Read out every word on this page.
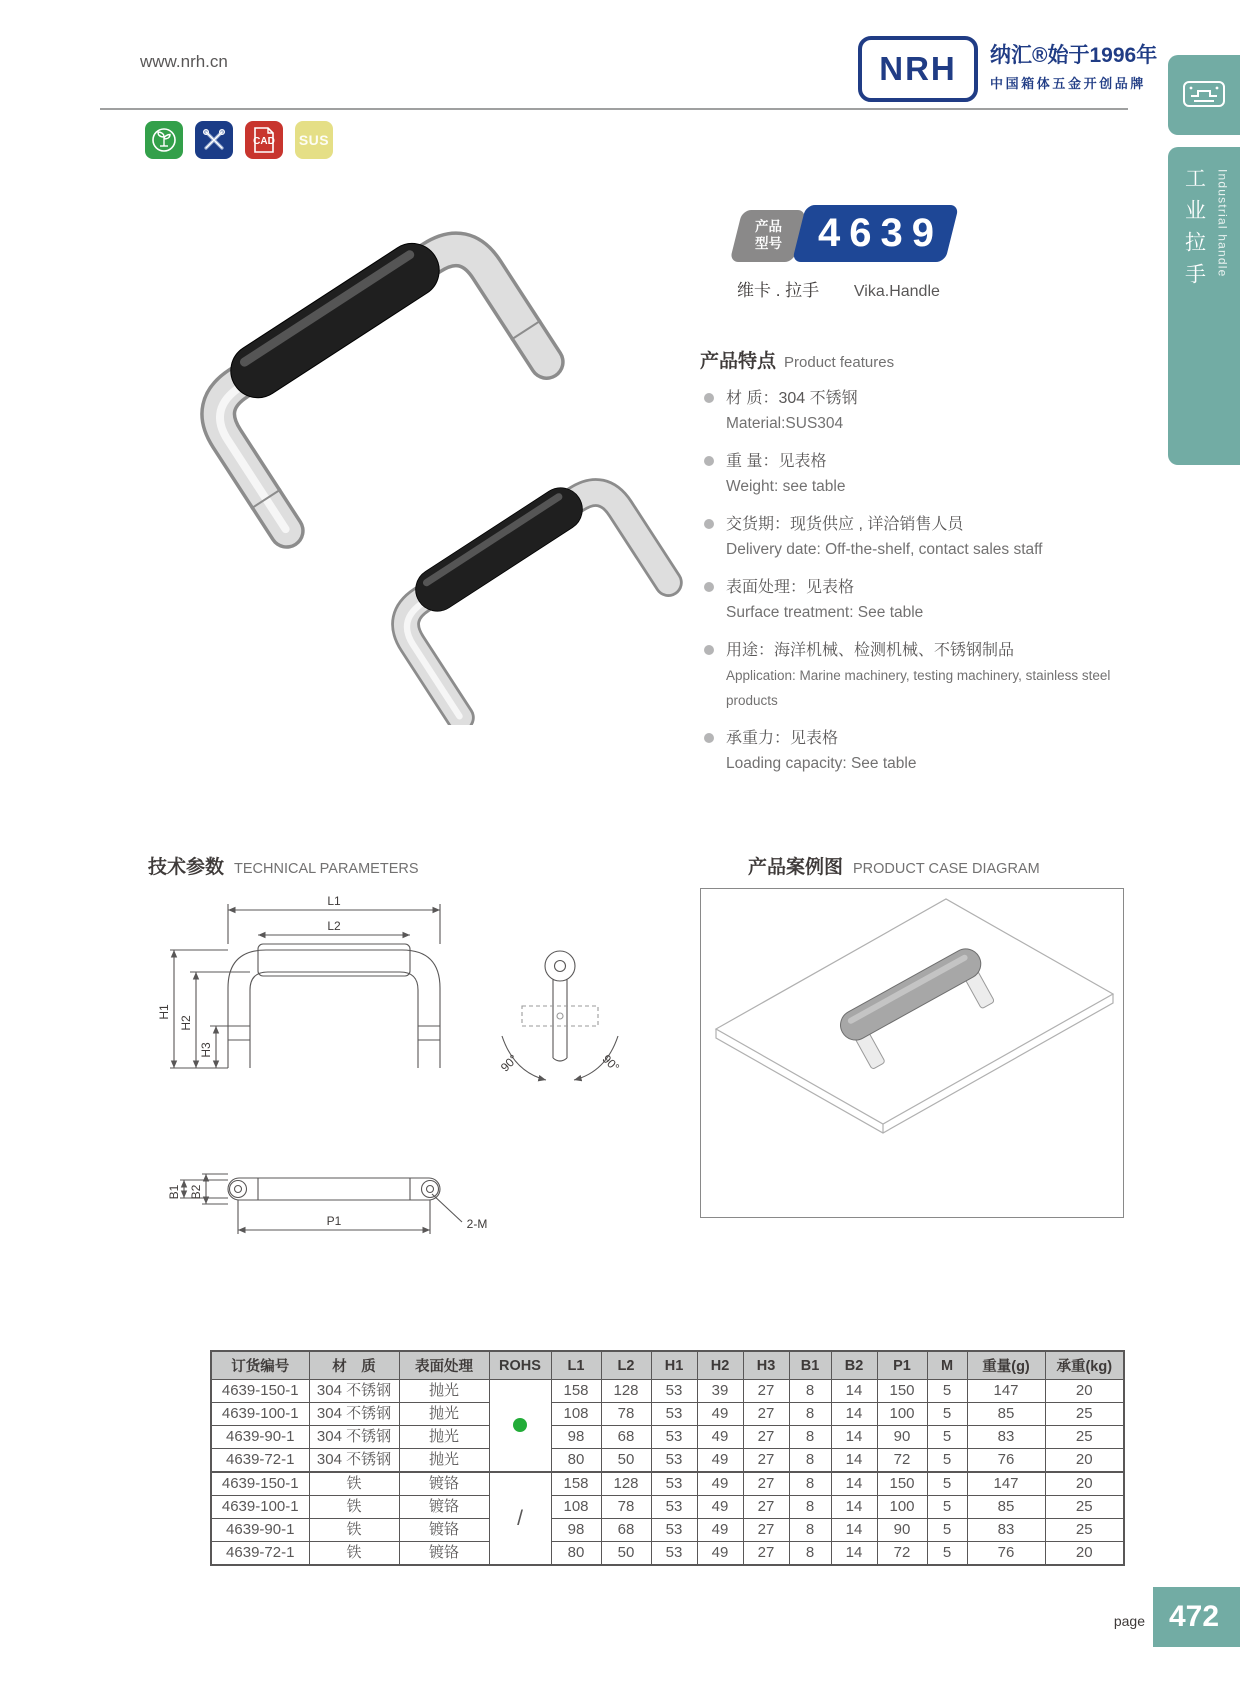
www.nrh.cn	NRH 纳汇®始于1996年
中国箱体五金开创品牌
工业拉手 Industrial handle
CAD	SUS
产品
型号 4639
维卡 . 拉手 Vika.Handle
产品特点 Product features
材 质：304 不锈钢
Material:SUS304
重 量：见表格
Weight: see table
交货期：现货供应 , 详洽销售人员
Delivery date: Off-the-shelf, contact sales staff
表面处理：见表格
Surface treatment: See table
用途：海洋机械、检测机械、不锈钢制品
Application: Marine machinery, testing machinery, stainless steel products
承重力：见表格
Loading capacity: See table
技术参数 TECHNICAL PARAMETERS	产品案例图 PRODUCT CASE DIAGRAM
L1
L2
H1
H2
H3
B1 B2
P1	2-M
90°	90°
订货编号	材　质	表面处理	ROHS	L1	L2	H1	H2	H3	B1	B2	P1	M	重量(g)	承重(kg)
4639-150-1	304 不锈钢	抛光		158	128	53	39	27	8	14	150	5	147	20
4639-100-1	304 不锈钢	抛光		108	78	53	49	27	8	14	100	5	85	25
4639-90-1	304 不锈钢	抛光		98	68	53	49	27	8	14	90	5	83	25
4639-72-1	304 不锈钢	抛光		80	50	53	49	27	8	14	72	5	76	20
4639-150-1	铁	镀铬	/	158	128	53	49	27	8	14	150	5	147	20
4639-100-1	铁	镀铬		108	78	53	49	27	8	14	100	5	85	25
4639-90-1	铁	镀铬		98	68	53	49	27	8	14	90	5	83	25
4639-72-1	铁	镀铬		80	50	53	49	27	8	14	72	5	76	20
page 472
